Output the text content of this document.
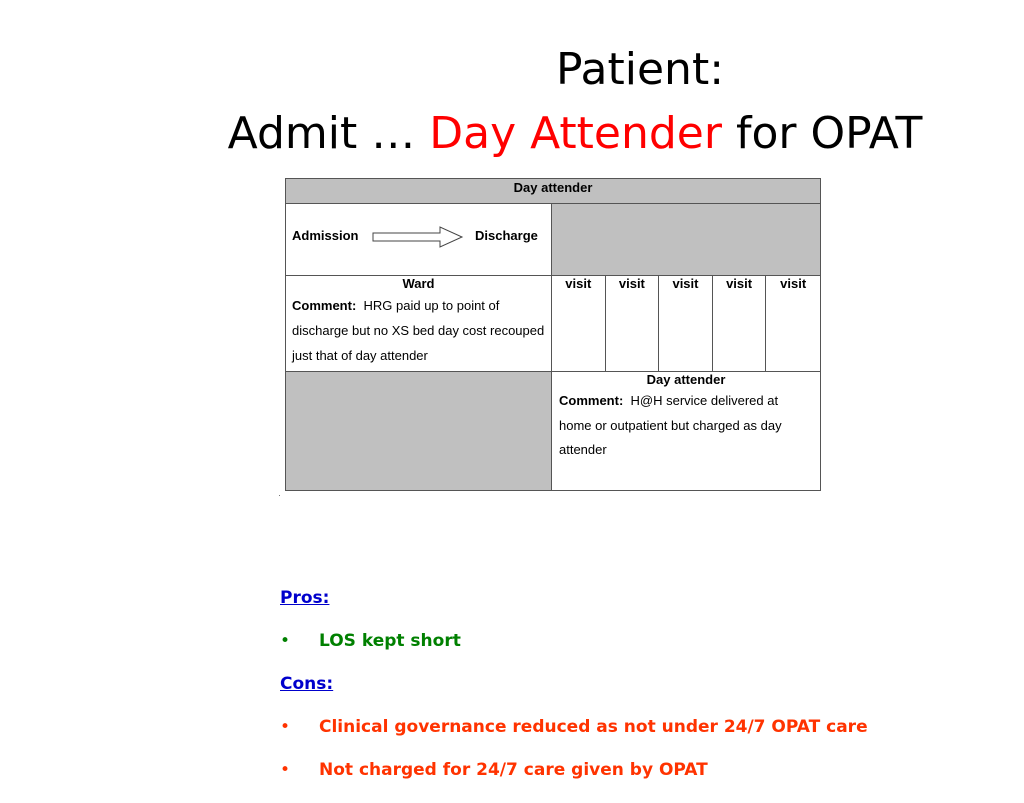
Patient:
Admit … Day Attender for OPAT
Day attender
Admission	Discharge
Ward
Comment: HRG paid up to point of discharge but no XS bed day cost recouped just that of day attender
visit	visit	visit	visit	visit
Day attender
Comment: H@H service delivered at home or outpatient but charged as day attender
Pros:
• LOS kept short
Cons:
• Clinical governance reduced as not under 24/7 OPAT care
• Not charged for 24/7 care given by OPAT
